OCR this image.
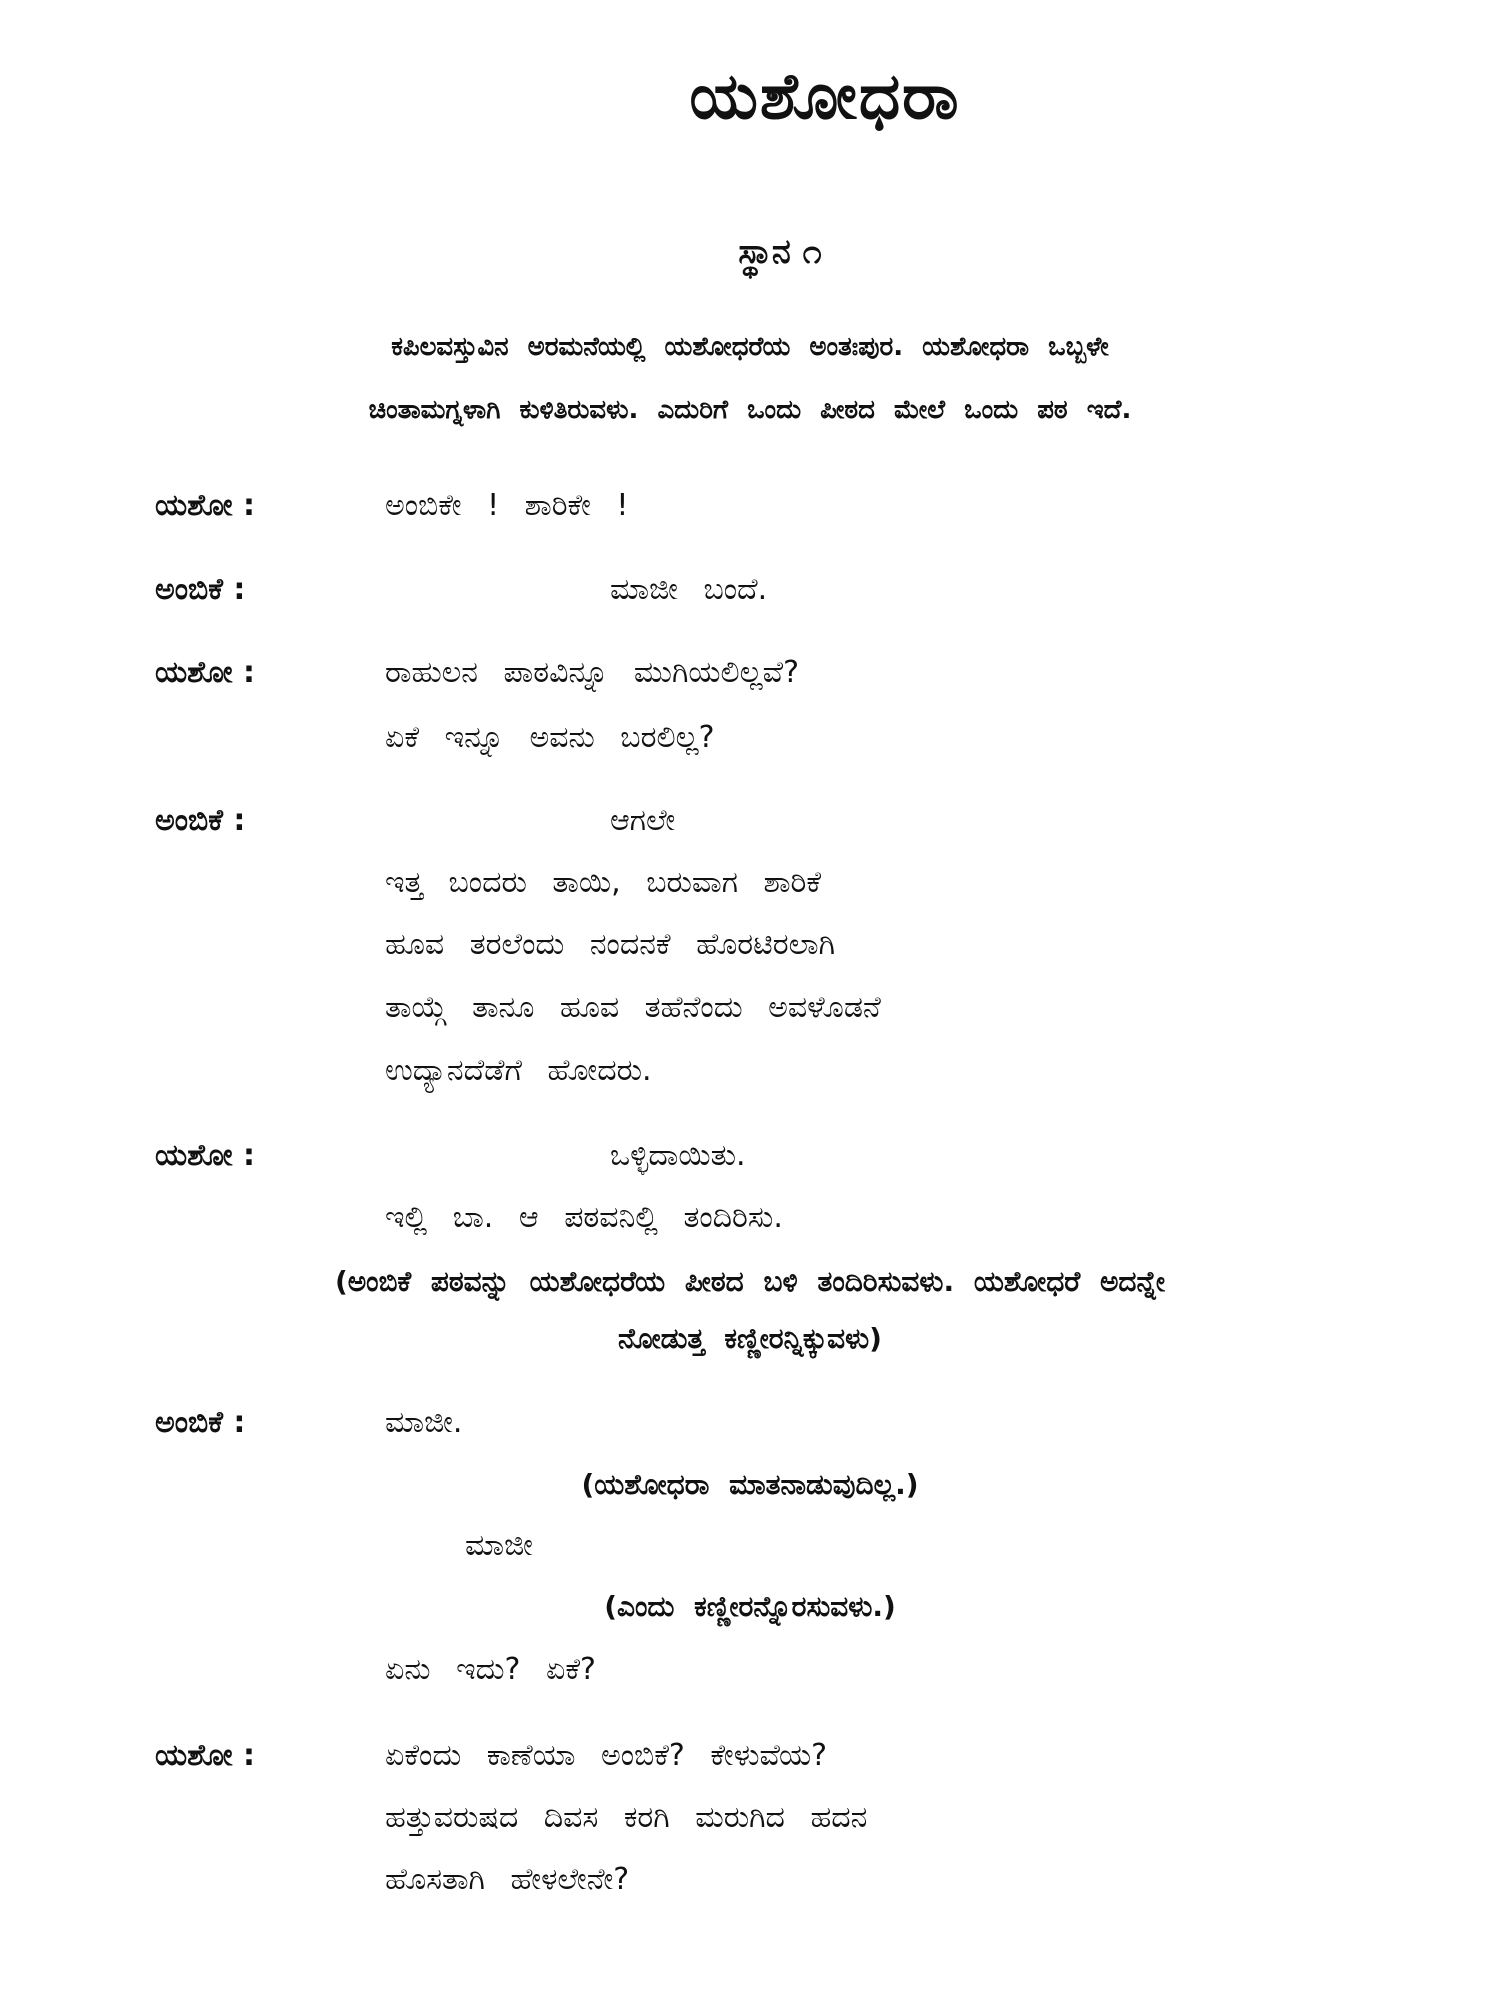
ಯಶೋಧರಾ
ಸ್ಥಾನ ೧
ಕಪಿಲವಸ್ತುವಿನ ಅರಮನೆಯಲ್ಲಿ ಯಶೋಧರೆಯ ಅಂತಃಪುರ. ಯಶೋಧರಾ ಒಬ್ಬಳೇ
ಚಿಂತಾಮಗ್ನಳಾಗಿ ಕುಳಿತಿರುವಳು. ಎದುರಿಗೆ ಒಂದು ಪೀಠದ ಮೇಲೆ ಒಂದು ಪಠ ಇದೆ.
ಯಶೋ :	ಅಂಬಿಕೇ ! ಶಾರಿಕೇ !
ಅಂಬಿಕೆ :	ಮಾಜೀ ಬಂದೆ.
ಯಶೋ :	ರಾಹುಲನ ಪಾಠವಿನ್ನೂ ಮುಗಿಯಲಿಲ್ಲವೆ?
ಏಕೆ ಇನ್ನೂ ಅವನು ಬರಲಿಲ್ಲ?
ಅಂಬಿಕೆ :	ಆಗಲೇ
ಇತ್ತ ಬಂದರು ತಾಯಿ, ಬರುವಾಗ ಶಾರಿಕೆ
ಹೂವ ತರಲೆಂದು ನಂದನಕೆ ಹೊರಟಿರಲಾಗಿ
ತಾಯ್ಗೆ ತಾನೂ ಹೂವ ತಹೆನೆಂದು ಅವಳೊಡನೆ
ಉದ್ಯಾನದೆಡೆಗೆ ಹೋದರು.
ಯಶೋ :	ಒಳ್ಳಿದಾಯಿತು.
ಇಲ್ಲಿ ಬಾ. ಆ ಪಠವನಿಲ್ಲಿ ತಂದಿರಿಸು.
(ಅಂಬಿಕೆ ಪಠವನ್ನು ಯಶೋಧರೆಯ ಪೀಠದ ಬಳಿ ತಂದಿರಿಸುವಳು. ಯಶೋಧರೆ ಅದನ್ನೇ
ನೋಡುತ್ತ ಕಣ್ಣೀರನ್ನಿಕ್ಕುವಳು)
ಅಂಬಿಕೆ :	ಮಾಜೀ.
(ಯಶೋಧರಾ ಮಾತನಾಡುವುದಿಲ್ಲ.)
ಮಾಜೀ
(ಎಂದು ಕಣ್ಣೀರನ್ನೊರಸುವಳು.)
ಏನು ಇದು? ಏಕೆ?
ಯಶೋ :	ಏಕೆಂದು ಕಾಣೆಯಾ ಅಂಬಿಕೆ? ಕೇಳುವೆಯ?
ಹತ್ತುವರುಷದ ದಿವಸ ಕರಗಿ ಮರುಗಿದ ಹದನ
ಹೊಸತಾಗಿ ಹೇಳಲೇನೇ?
